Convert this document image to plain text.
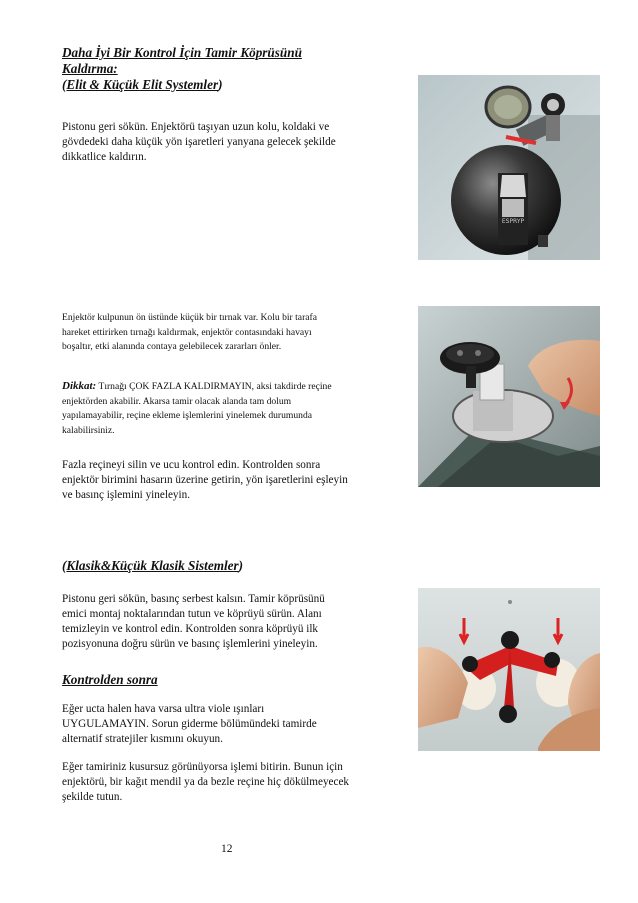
Daha İyi Bir Kontrol İçin Tamir Köprüsünü
Kaldırma:
(Elit & Küçük Elit Systemler)
Pistonu geri sökün. Enjektörü taşıyan uzun kolu, koldaki ve
gövdedeki daha küçük yön işaretleri yanyana gelecek şekilde
dikkatlice kaldırın.
ESPRYP
Enjektör kulpunun ön üstünde küçük bir tırnak var. Kolu bir tarafa
hareket ettirirken tırnağı kaldırmak, enjektör contasındaki havayı
boşaltır, etki alanında contaya gelebilecek zararları önler.
Dikkat: Tırnağı ÇOK FAZLA KALDIRMAYIN, aksi takdirde reçine
enjektörden akabilir. Akarsa tamir olacak alanda tam dolum
yapılamayabilir, reçine ekleme işlemlerini yinelemek durumunda
kalabilirsiniz.
Fazla reçineyi silin ve ucu kontrol edin. Kontrolden sonra
enjektör birimini hasarın üzerine getirin, yön işaretlerini eşleyin
ve basınç işlemini yineleyin.
(Klasik&Küçük Klasik Sistemler)
Pistonu geri sökün, basınç serbest kalsın. Tamir köprüsünü
emici montaj noktalarından tutun ve köprüyü sürün. Alanı
temizleyin ve kontrol edin. Kontrolden sonra köprüyü ilk
pozisyonuna doğru sürün ve basınç işlemlerini yineleyin.
Kontrolden sonra
Eğer ucta halen hava varsa ultra viole ışınları
UYGULAMAYIN. Sorun giderme bölümündeki tamirde
alternatif stratejiler kısmını okuyun.
Eğer tamiriniz kusursuz görünüyorsa işlemi bitirin. Bunun için
enjektörü, bir kağıt mendil ya da bezle reçine hiç dökülmeyecek
şekilde tutun.
12
